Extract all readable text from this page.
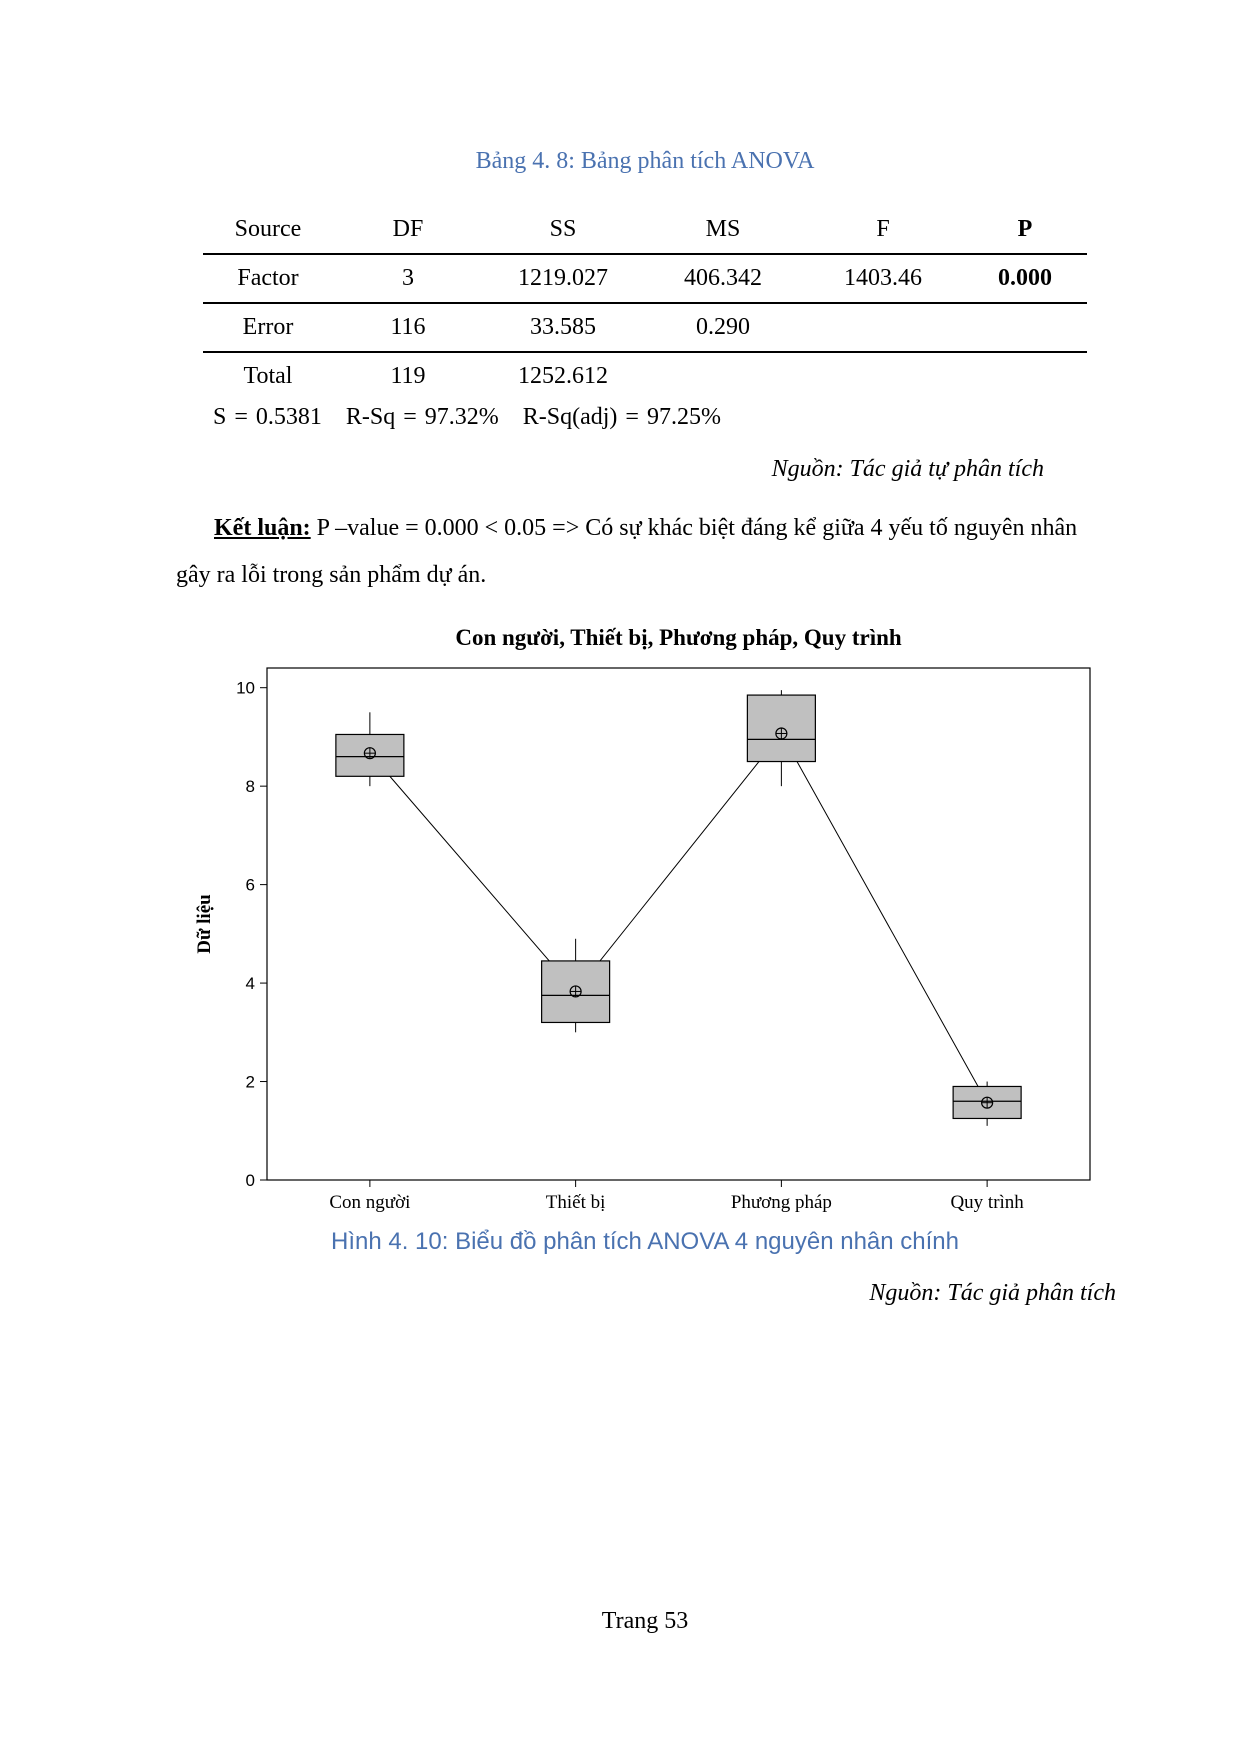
Bảng 4. 8: Bảng phân tích ANOVA
Source	DF	SS	MS	F	P
Factor	3	1219.027	406.342	1403.46	0.000
Error	116	33.585	0.290		
Total	119	1252.612			
S = 0.5381 R-Sq = 97.32% R-Sq(adj) = 97.25%
Nguồn: Tác giả tự phân tích
Kết luận: P –value = 0.000 < 0.05 => Có sự khác biệt đáng kể giữa 4 yếu tố nguyên nhân gây ra lỗi trong sản phẩm dự án.
Con người, Thiết bị, Phương pháp, Quy trình
0
2
4
6
8
10
Dữ liệu
Con người	Thiết bị	Phương pháp	Quy trình
Hình 4. 10: Biểu đồ phân tích ANOVA 4 nguyên nhân chính
Nguồn: Tác giả phân tích
Trang 53
